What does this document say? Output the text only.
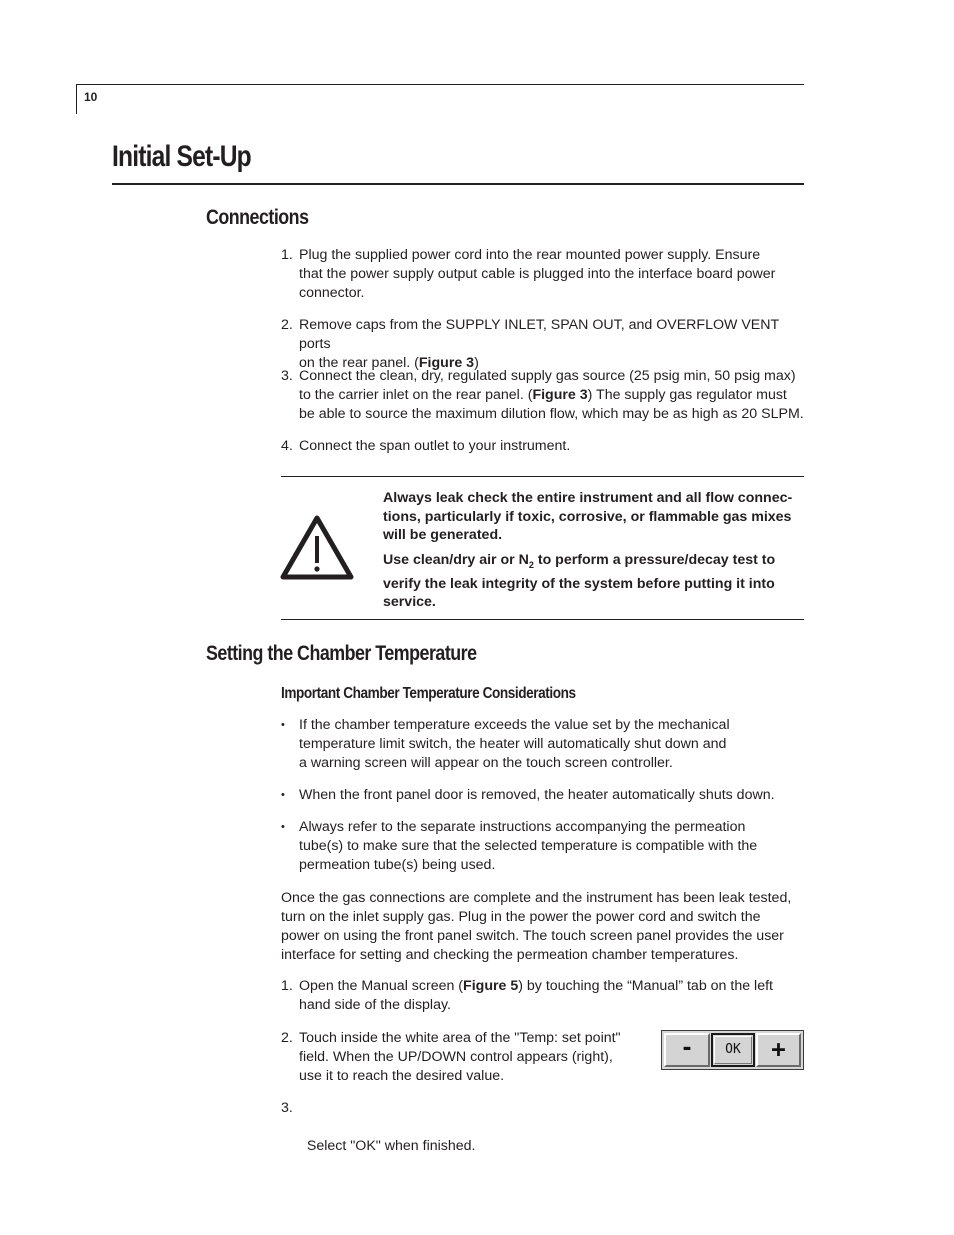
10
Initial Set-Up
Connections
1. Plug the supplied power cord into the rear mounted power supply. Ensure
that the power supply output cable is plugged into the interface board power
connector.
2. Remove caps from the SUPPLY INLET, SPAN OUT, and OVERFLOW VENT ports
on the rear panel. (Figure 3)
3. Connect the clean, dry, regulated supply gas source (25 psig min, 50 psig max)
to the carrier inlet on the rear panel. (Figure 3) The supply gas regulator must
be able to source the maximum dilution flow, which may be as high as 20 SLPM.
4. Connect the span outlet to your instrument.
Always leak check the entire instrument and all flow connec-
tions, particularly if toxic, corrosive, or flammable gas mixes
will be generated.
Use clean/dry air or $N_2$ to perform a pressure/decay test to
verify the leak integrity of the system before putting it into
service.
Setting the Chamber Temperature
Important Chamber Temperature Considerations
• If the chamber temperature exceeds the value set by the mechanical
temperature limit switch, the heater will automatically shut down and
a warning screen will appear on the touch screen controller.
• When the front panel door is removed, the heater automatically shuts down.
• Always refer to the separate instructions accompanying the permeation
tube(s) to make sure that the selected temperature is compatible with the
permeation tube(s) being used.
Once the gas connections are complete and the instrument has been leak tested,
turn on the inlet supply gas. Plug in the power the power cord and switch the
power on using the front panel switch. The touch screen panel provides the user
interface for setting and checking the permeation chamber temperatures.
1. Open the Manual screen (Figure 5) by touching the “Manual” tab on the left
hand side of the display.
2. Touch inside the white area of the "Temp: set point"
field. When the UP/DOWN control appears (right),
use it to reach the desired value.
3.

Select "OK" when finished.

-	OK	+
